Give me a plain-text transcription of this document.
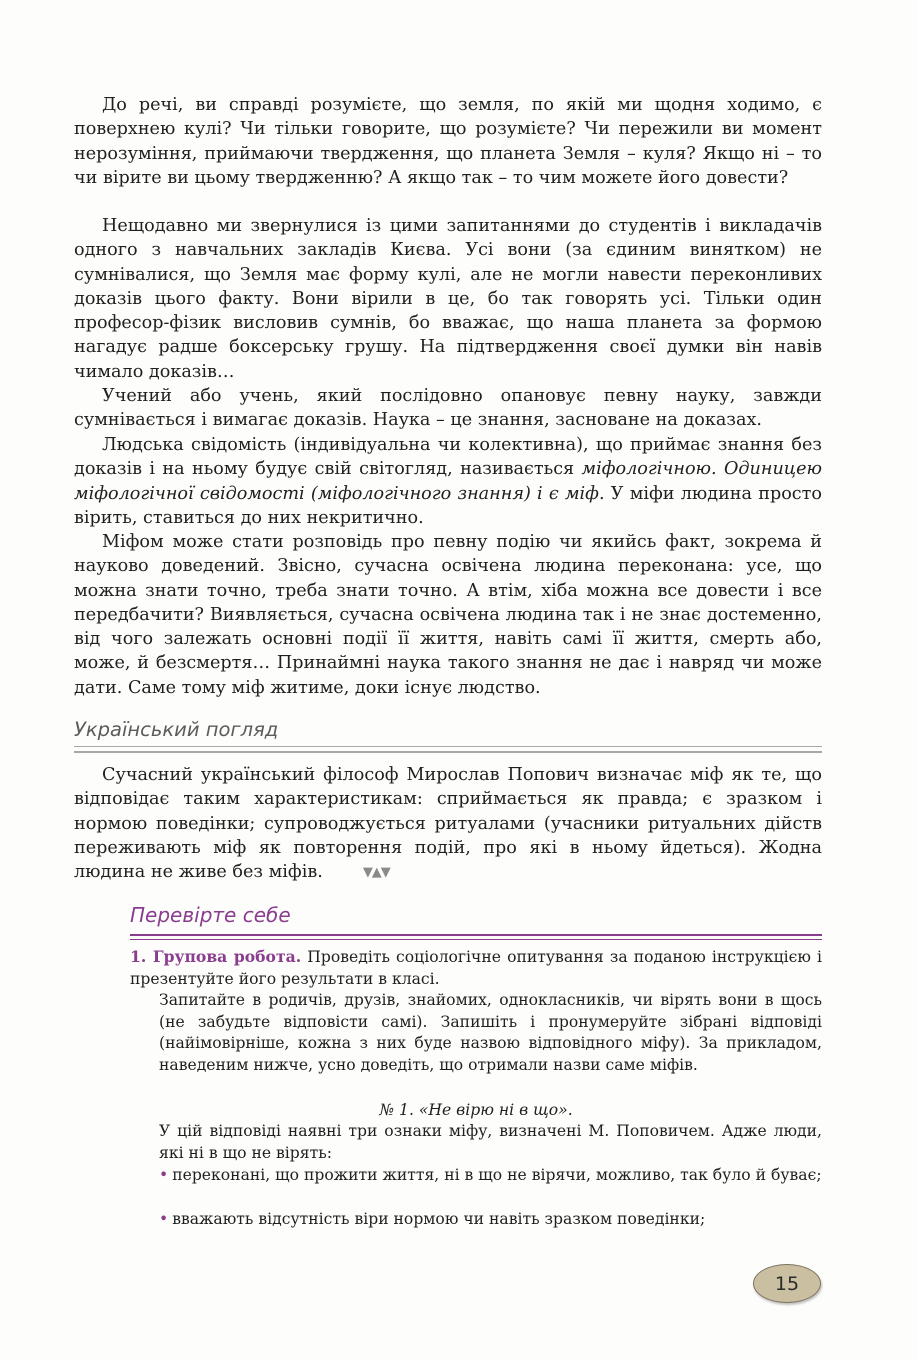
До речі, ви справді розумієте, що земля, по якій ми щодня ходимо, є поверхнею кулі? Чи тільки говорите, що розумієте? Чи пережили ви момент нерозуміння, приймаючи твердження, що планета Земля – куля? Якщо ні – то чи вірите ви цьому твердженню? А якщо так – то чим можете його довести?

Нещодавно ми звернулися із цими запитаннями до студентів і викладачів одного з навчальних закладів Києва. Усі вони (за єдиним винятком) не сумнівалися, що Земля має форму кулі, але не могли навести переконливих доказів цього факту. Вони вірили в це, бо так говорять усі. Тільки один професор-фізик висловив сумнів, бо вважає, що наша планета за формою нагадує радше боксерську грушу. На підтвердження своєї думки він навів чимало доказів…

Учений або учень, який послідовно опановує певну науку, завжди сумнівається і вимагає доказів. Наука – це знання, засноване на доказах.

Людська свідомість (індивідуальна чи колективна), що приймає знання без доказів і на ньому будує свій світогляд, називається міфологічною. Одиницею міфологічної свідомості (міфологічного знання) і є міф. У міфи людина просто вірить, ставиться до них некритично.

Міфом може стати розповідь про певну подію чи якийсь факт, зокрема й науково доведений. Звісно, сучасна освічена людина переконана: усе, що можна знати точно, треба знати точно. А втім, хіба можна все довести і все передбачити? Виявляється, сучасна освічена людина так і не знає достеменно, від чого залежать основні події її життя, навіть самі її життя, смерть або, може, й безсмертя… Принаймні наука такого знання не дає і навряд чи може дати. Саме тому міф житиме, доки існує людство.

Український погляд

Сучасний український філософ Мирослав Попович визначає міф як те, що відповідає таким характеристикам: сприймається як правда; є зразком і нормою поведінки; супроводжується ритуалами (учасники ритуальних дійств переживають міф як повторення подій, про які в ньому йдеться). Жодна людина не живе без міфів.	▼▲▼

Перевірте себе

1. Групова робота. Проведіть соціологічне опитування за поданою інструкцією і презентуйте його результати в класі.

Запитайте в родичів, друзів, знайомих, однокласників, чи вірять вони в щось (не забудьте відповісти самі). Запишіть і пронумеруйте зібрані відповіді (найімовірніше, кожна з них буде назвою відповідного міфу). За прикладом, наведеним нижче, усно доведіть, що отримали назви саме міфів.

№ 1. «Не вірю ні в що».

У цій відповіді наявні три ознаки міфу, визначені М. Поповичем. Адже люди, які ні в що не вірять:

• переконані, що прожити життя, ні в що не вірячи, можливо, так було й буває;

• вважають відсутність віри нормою чи навіть зразком поведінки;

15
